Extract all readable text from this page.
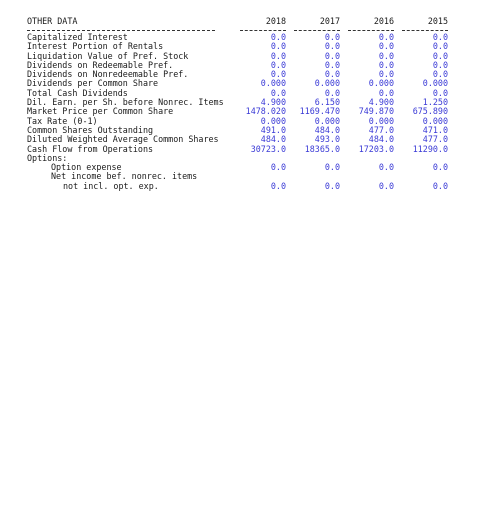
OTHER DATA	2018	2017	2016	2015
Capitalized Interest	0.0	0.0	0.0	0.0
Interest Portion of Rentals	0.0	0.0	0.0	0.0
Liquidation Value of Pref. Stock	0.0	0.0	0.0	0.0
Dividends on Redeemable Pref.	0.0	0.0	0.0	0.0
Dividends on Nonredeemable Pref.	0.0	0.0	0.0	0.0
Dividends per Common Share	0.000	0.000	0.000	0.000
Total Cash Dividends	0.0	0.0	0.0	0.0
Dil. Earn. per Sh. before Nonrec. Items	4.900	6.150	4.900	1.250
Market Price per Common Share	1478.020	1169.470	749.870	675.890
Tax Rate (0-1)	0.000	0.000	0.000	0.000
Common Shares Outstanding	491.0	484.0	477.0	471.0
Diluted Weighted Average Common Shares	484.0	493.0	484.0	477.0
Cash Flow from Operations	30723.0	18365.0	17203.0	11290.0
Options:
Option expense	0.0	0.0	0.0	0.0
Net income bef. nonrec. items
not incl. opt. exp.	0.0	0.0	0.0	0.0
